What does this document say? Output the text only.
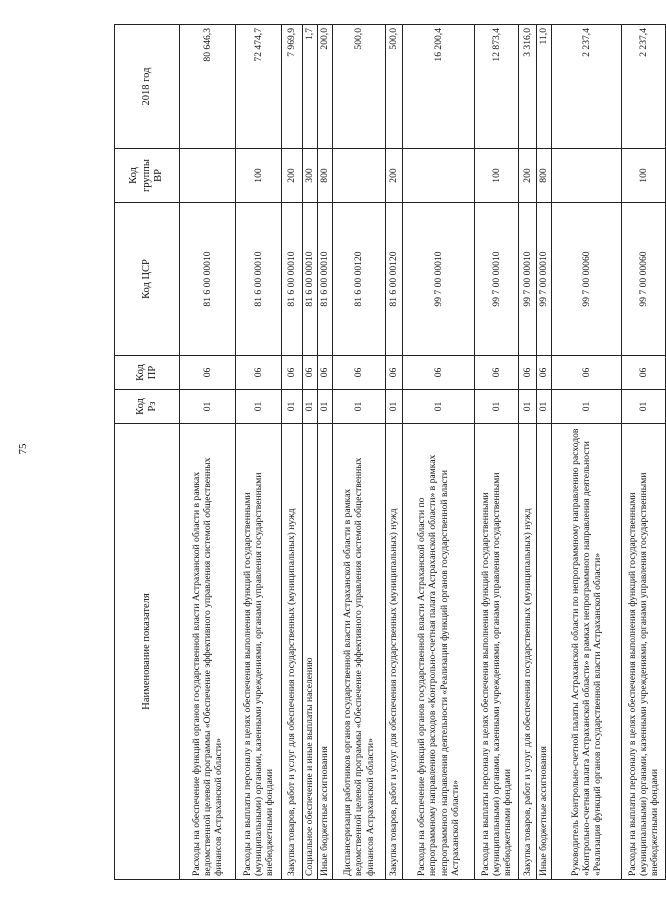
75
Наименование показателя	Код Рз	Код ПР	Код ЦСР	Код группы ВР	2018 год
Расходы на обеспечение функций органов государственной власти Астраханской области в рамках ведомственной целевой программы «Обеспечение эффективного управления системой общественных финансов Астраханской области»	01	06	81 6 00 00010		80 646,3
Расходы на выплаты персоналу в целях обеспечения выполнения функций государственными (муниципальными) органами, казенными учреждениями, органами управления государственными внебюджетными фондами	01	06	81 6 00 00010	100	72 474,7
Закупка товаров, работ и услуг для обеспечения государственных (муниципальных) нужд	01	06	81 6 00 00010	200	7 969,9
Социальное обеспечение и иные выплаты населению	01	06	81 6 00 00010	300	1,7
Иные бюджетные ассигнования	01	06	81 6 00 00010	800	200,0
Диспансеризация работников органов государственной власти Астраханской области в рамках ведомственной целевой программы «Обеспечение эффективного управления системой общественных финансов Астраханской области»	01	06	81 6 00 00120		500,0
Закупка товаров, работ и услуг для обеспечения государственных (муниципальных) нужд	01	06	81 6 00 00120	200	500,0
Расходы на обеспечение функций органов государственной власти Астраханской области по непрограммному направлению расходов «Контрольно-счетная палата Астраханской области» в рамках непрограммного направления деятельности «Реализация функций органов государственной власти Астраханской области»	01	06	99 7 00 00010		16 200,4
Расходы на выплаты персоналу в целях обеспечения выполнения функций государственными (муниципальными) органами, казенными учреждениями, органами управления государственными внебюджетными фондами	01	06	99 7 00 00010	100	12 873,4
Закупка товаров, работ и услуг для обеспечения государственных (муниципальных) нужд	01	06	99 7 00 00010	200	3 316,0
Иные бюджетные ассигнования	01	06	99 7 00 00010	800	11,0
Руководитель Контрольно-счетной палаты Астраханской области по непрограммному направлению расходов «Контрольно-счетная палата Астраханской области» в рамках непрограммного направления деятельности «Реализация функций органов государственной власти Астраханской области»	01	06	99 7 00 00060		2 237,4
Расходы на выплаты персоналу в целях обеспечения выполнения функций государственными (муниципальными) органами, казенными учреждениями, органами управления государственными внебюджетными фондами	01	06	99 7 00 00060	100	2 237,4
